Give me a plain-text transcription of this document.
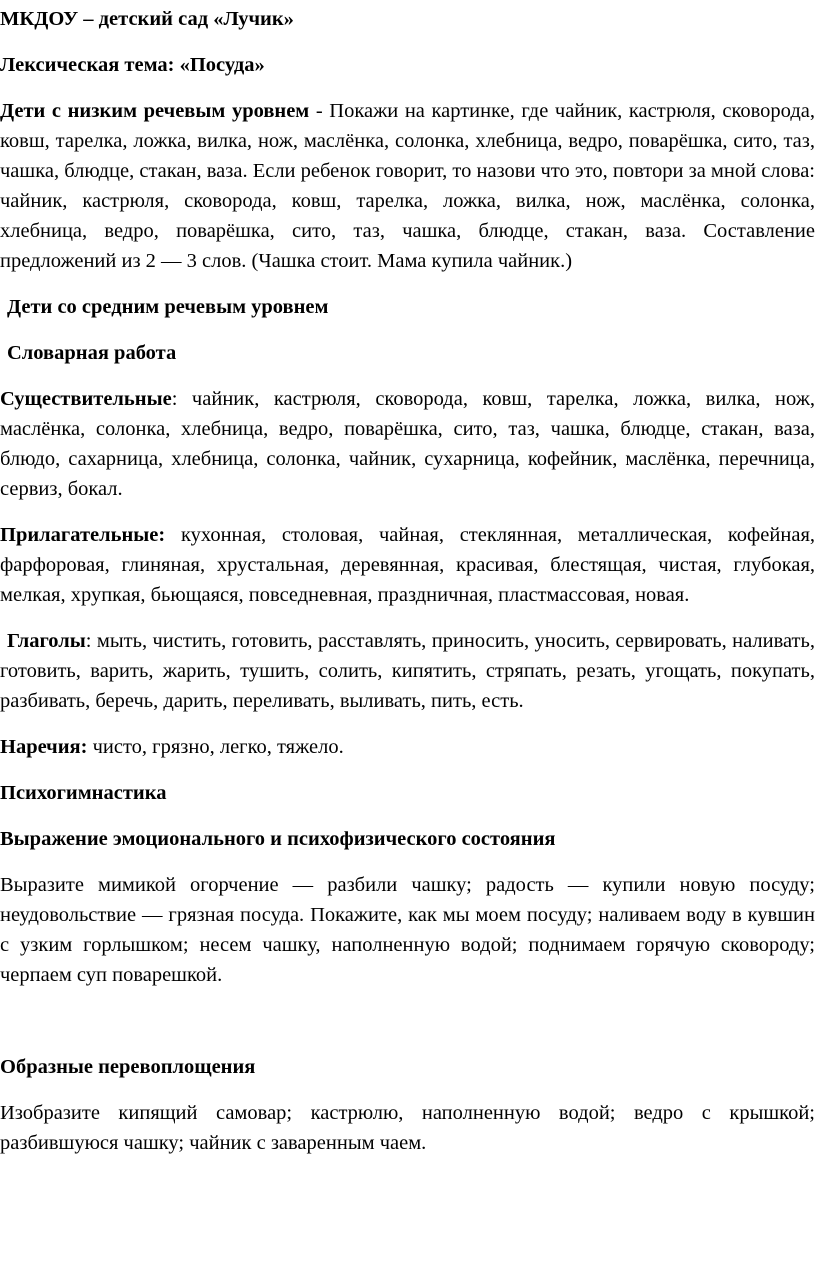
МКДОУ – детский сад «Лучик»
Лексическая тема: «Посуда»
Дети с низким речевым уровнем - Покажи на картинке, где чайник, кастрюля, сковорода, ковш, тарелка, ложка, вилка, нож, маслёнка, солонка, хлебница, ведро, поварёшка, сито, таз, чашка, блюдце, стакан, ваза. Если ребенок говорит, то назови что это, повтори за мной слова: чайник, кастрюля, сковорода, ковш, тарелка, ложка, вилка, нож, маслёнка, солонка, хлебница, ведро, поварёшка, сито, таз, чашка, блюдце, стакан, ваза. Составление предложений из 2 — 3 слов. (Чашка стоит. Мама купила чайник.)
Дети со средним речевым уровнем
Словарная работа
Существительные: чайник, кастрюля, сковорода, ковш, тарелка, ложка, вилка, нож, маслёнка, солонка, хлебница, ведро, поварёшка, сито, таз, чашка, блюдце, стакан, ваза, блюдо, сахарница, хлебница, солонка, чайник, сухарница, кофейник, маслёнка, перечница, сервиз, бокал.
Прилагательные: кухонная, столовая, чайная, стеклянная, металлическая, кофейная, фарфоровая, глиняная, хрустальная, деревянная, красивая, блестящая, чистая, глубокая, мелкая, хрупкая, бьющаяся, повседневная, праздничная, пластмассовая, новая.
Глаголы: мыть, чистить, готовить, расставлять, приносить, уносить, сервировать, наливать, готовить, варить, жарить, тушить, солить, кипятить, стряпать, резать, угощать, покупать, разбивать, беречь, дарить, переливать, выливать, пить, есть.
Наречия: чисто, грязно, легко, тяжело.
Психогимнастика
Выражение эмоционального и психофизического состояния
Выразите мимикой огорчение — разбили чашку; радость — купили новую посуду; неудовольствие — грязная посуда. Покажите, как мы моем посуду; наливаем воду в кувшин с узким горлышком; несем чашку, наполненную водой; поднимаем горячую сковороду; черпаем суп поварешкой.
Образные перевоплощения
Изобразите кипящий самовар; кастрюлю, наполненную водой; ведро с крышкой; разбившуюся чашку; чайник с заваренным чаем.
